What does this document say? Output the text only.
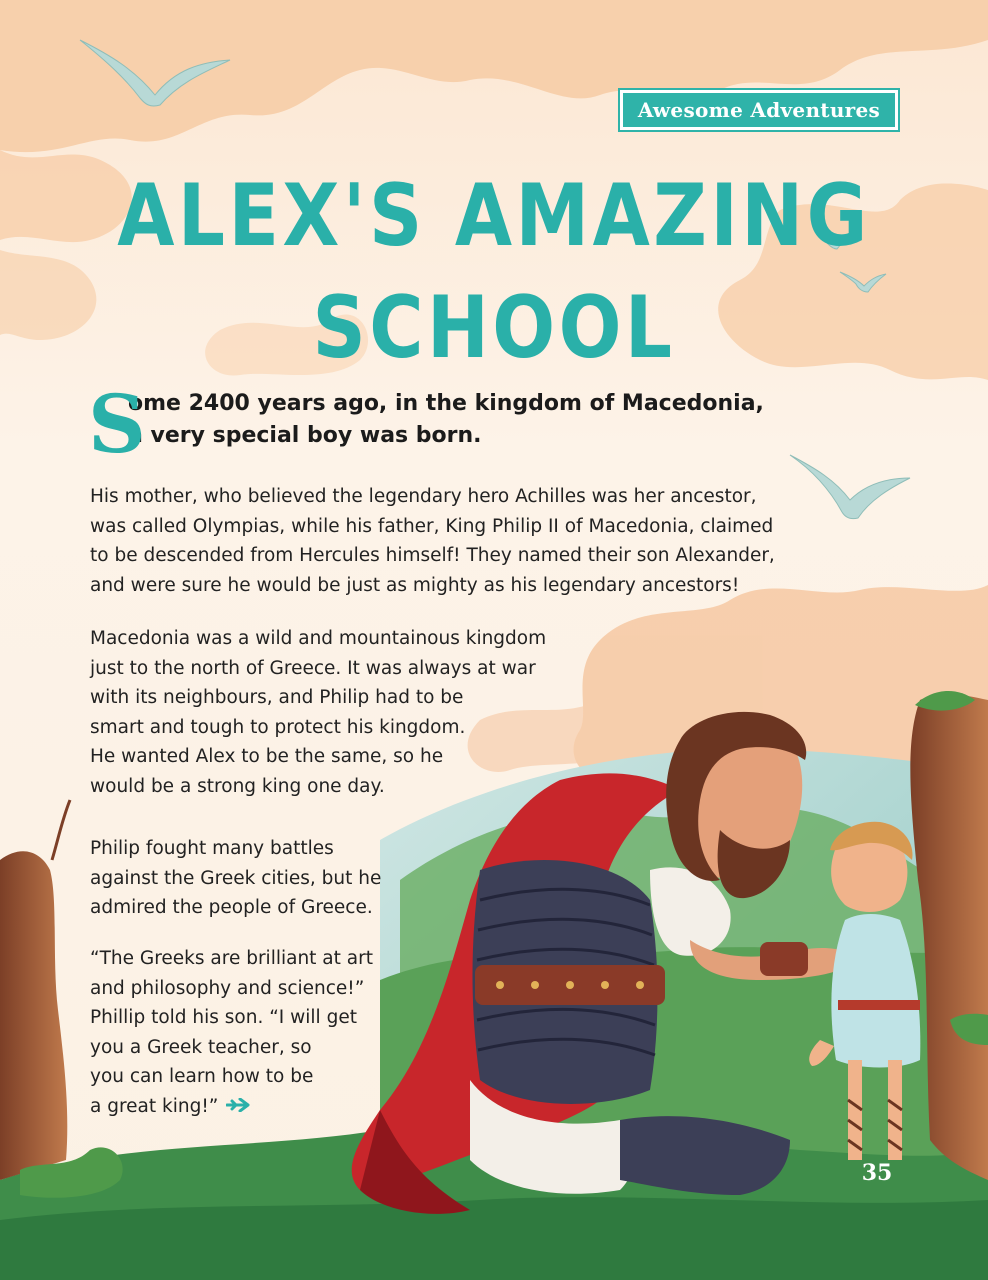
Awesome Adventures
ALEX'S AMAZING
SCHOOL
S
ome 2400 years ago, in the kingdom of Macedonia,
a very special boy was born.
His mother, who believed the legendary hero Achilles was her ancestor,
was called Olympias, while his father, King Philip II of Macedonia, claimed
to be descended from Hercules himself! They named their son Alexander,
and were sure he would be just as mighty as his legendary ancestors!
Macedonia was a wild and mountainous kingdom
just to the north of Greece. It was always at war
with its neighbours, and Philip had to be
smart and tough to protect his kingdom.
He wanted Alex to be the same, so he
would be a strong king one day.
Philip fought many battles
against the Greek cities, but he
admired the people of Greece.
“The Greeks are brilliant at art
and philosophy and science!”
Phillip told his son. “I will get
you a Greek teacher, so
you can learn how to be
a great king!”
35
